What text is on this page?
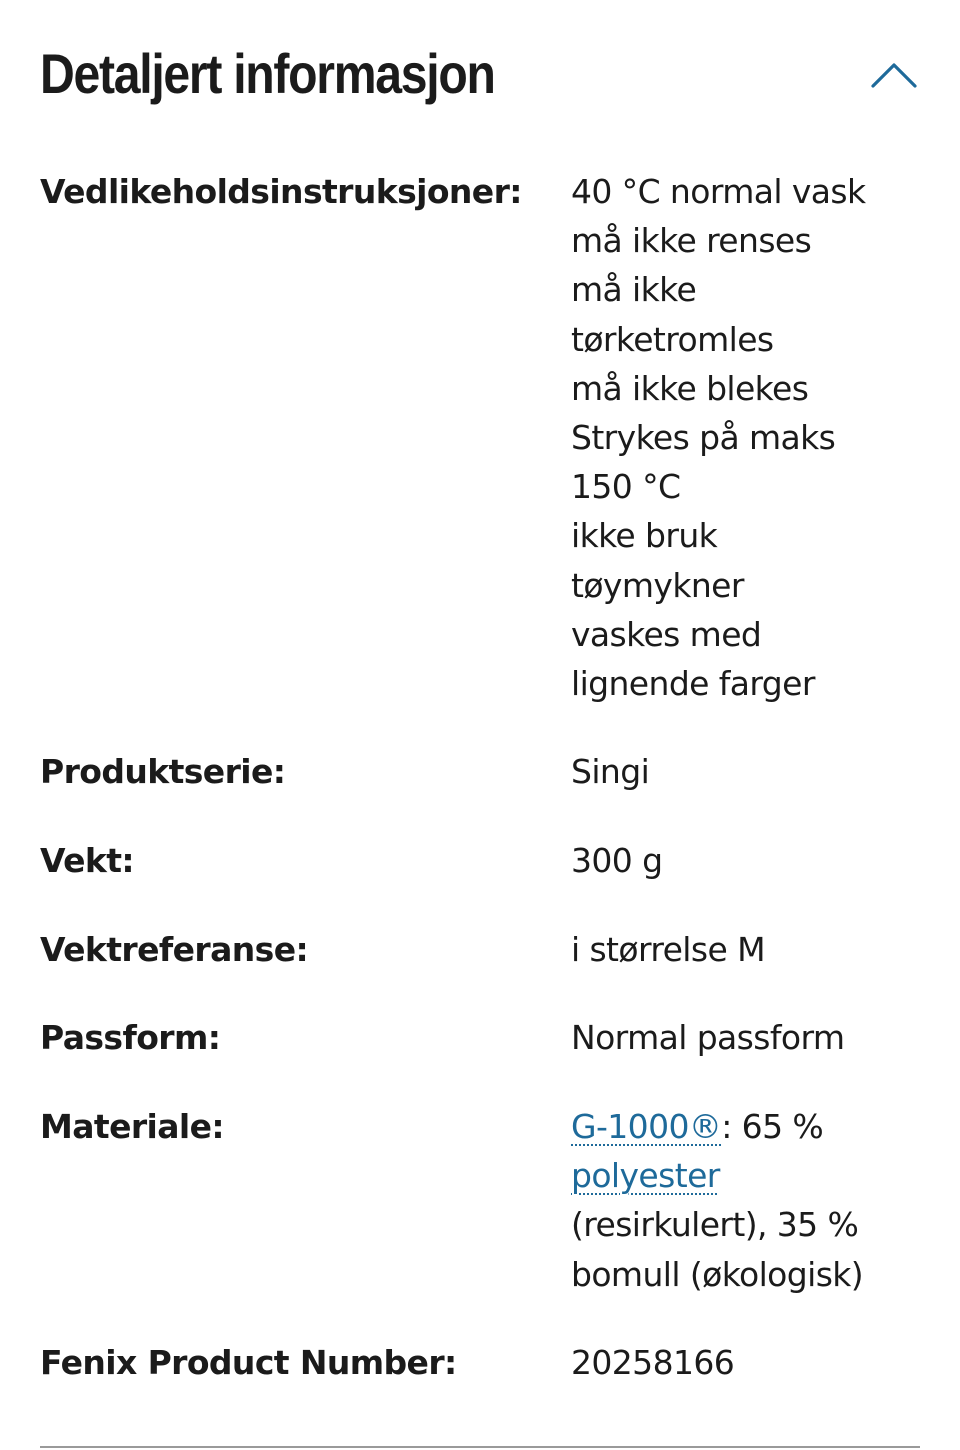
Detaljert informasjon
Vedlikeholdsinstruksjoner:	40 °C normal vask
må ikke renses
må ikke
tørketromles
må ikke blekes
Strykes på maks
150 °C
ikke bruk
tøymykner
vaskes med
lignende farger
Produktserie:	Singi
Vekt:	300 g
Vektreferanse:	i størrelse M
Passform:	Normal passform
Materiale:	G-1000®: 65 %
polyester
(resirkulert), 35 %
bomull (økologisk)
Fenix Product Number:	20258166
